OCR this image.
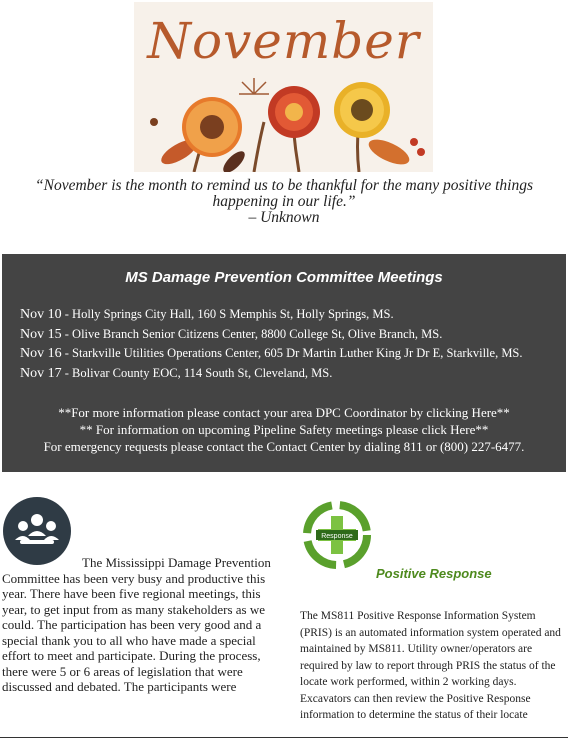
November
“November is the month to remind us to be thankful for the many positive things happening in our life.”
– Unknown
MS Damage Prevention Committee Meetings
Nov 10 - Holly Springs City Hall, 160 S Memphis St, Holly Springs, MS.
Nov 15 - Olive Branch Senior Citizens Center, 8800 College St, Olive Branch, MS.
Nov 16 - Starkville Utilities Operations Center, 605 Dr Martin Luther King Jr Dr E, Starkville, MS.
Nov 17 - Bolivar County EOC, 114 South St, Cleveland, MS.
**For more information please contact your area DPC Coordinator by clicking Here**
** For information on upcoming Pipeline Safety meetings please click Here**
For emergency requests please contact the Contact Center by dialing 811 or (800) 227-6477.
The Mississippi Damage Prevention Committee has been very busy and productive this year. There have been five regional meetings, this year, to get input from as many stakeholders as we could. The participation has been very good and a special thank you to all who have made a special effort to meet and participate. During the process, there were 5 or 6 areas of legislation that were discussed and debated. The participants were
Response
Positive Response
The MS811 Positive Response Information System (PRIS) is an automated information system operated and maintained by MS811. Utility owner/operators are required by law to report through PRIS the status of the locate work performed, within 2 working days. Excavators can then review the Positive Response information to determine the status of their locate
